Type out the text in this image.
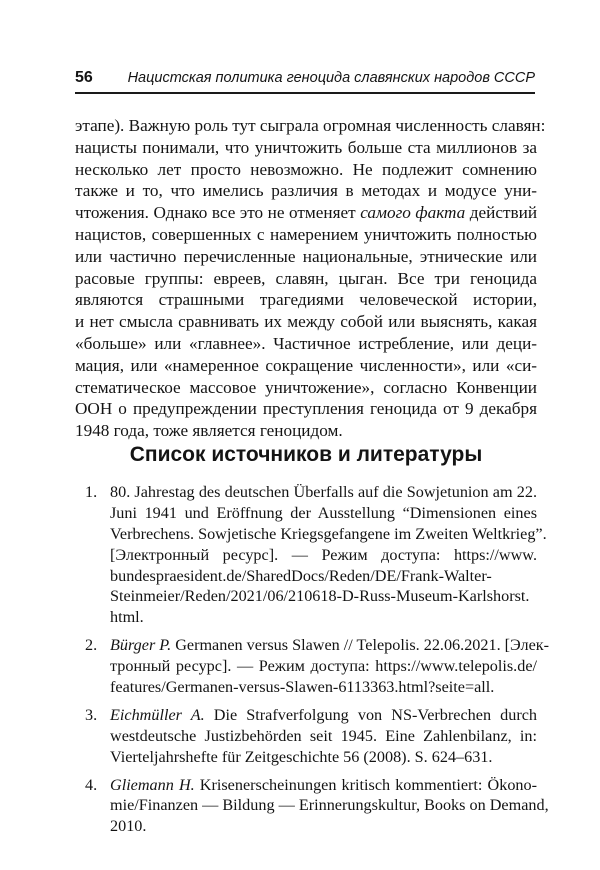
56 Нацистская политика геноцида славянских народов СССР
этапе). Важную роль тут сыграла огромная численность славян:
нацисты понимали, что уничтожить больше ста миллионов за
несколько лет просто невозможно. Не подлежит сомнению
также и то, что имелись различия в методах и модусе уни-
чтожения. Однако все это не отменяет самого факта действий
нацистов, совершенных с намерением уничтожить полностью
или частично перечисленные национальные, этнические или
расовые группы: евреев, славян, цыган. Все три геноцида
являются страшными трагедиями человеческой истории,
и нет смысла сравнивать их между собой или выяснять, какая
«больше» или «главнее». Частичное истребление, или деци-
мация, или «намеренное сокращение численности», или «си-
стематическое массовое уничтожение», согласно Конвенции
ООН о предупреждении преступления геноцида от 9 декабря
1948 года, тоже является геноцидом.
Список источников и литературы
1. 80. Jahrestag des deutschen Überfalls auf die Sowjetunion am 22.
Juni 1941 und Eröffnung der Ausstellung “Dimensionen eines
Verbrechens. Sowjetische Kriegsgefangene im Zweiten Weltkrieg”.
[Электронный ресурс]. — Режим доступа: https://www.
bundespraesident.de/SharedDocs/Reden/DE/Frank-Walter-
Steinmeier/Reden/2021/06/210618-D-Russ-Museum-Karlshorst.
html.
2. Bürger P. Germanen versus Slawen // Telepolis. 22.06.2021. [Элек-
тронный ресурс]. — Режим доступа: https://www.telepolis.de/
features/Germanen-versus-Slawen-6113363.html?seite=all.
3. Eichmüller A. Die Strafverfolgung von NS-Verbrechen durch
westdeutsche Justizbehörden seit 1945. Eine Zahlenbilanz, in:
Vierteljahrshefte für Zeitgeschichte 56 (2008). S. 624–631.
4. Gliemann H. Krisenerscheinungen kritisch kommentiert: Ökono-
mie/Finanzen — Bildung — Erinnerungskultur, Books on Demand,
2010.
